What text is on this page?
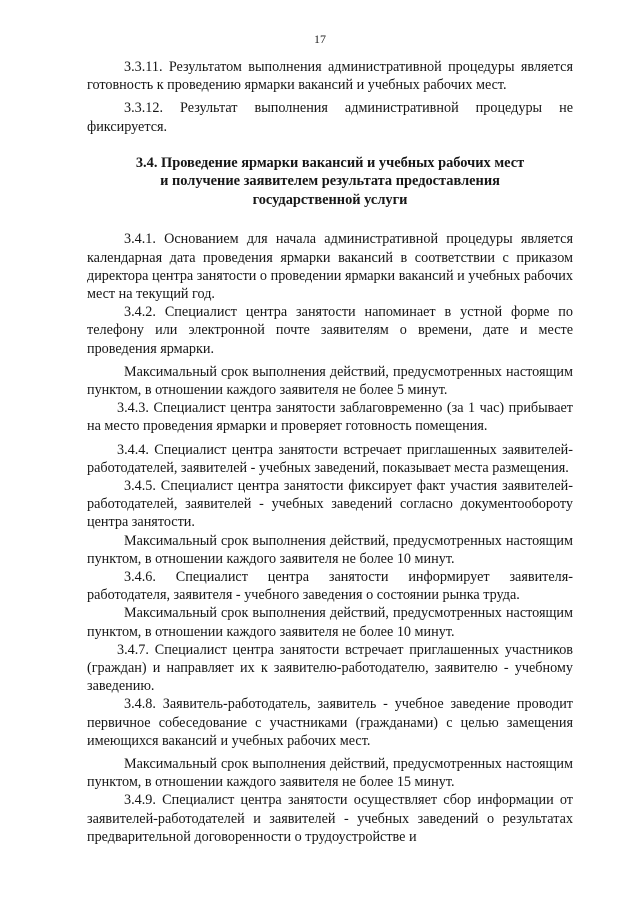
17

3.3.11. Результатом выполнения административной процедуры является готовность к проведению ярмарки вакансий и учебных рабочих мест.

3.3.12. Результат выполнения административной процедуры не фиксируется.

3.4. Проведение ярмарки вакансий и учебных рабочих мест
и получение заявителем результата предоставления
государственной услуги

3.4.1. Основанием для начала административной процедуры является календарная дата проведения ярмарки вакансий в соответствии с приказом директора центра занятости о проведении ярмарки вакансий и учебных рабочих мест на текущий год.

3.4.2. Специалист центра занятости напоминает в устной форме по телефону или электронной почте заявителям о времени, дате и месте проведения ярмарки.

Максимальный срок выполнения действий, предусмотренных настоящим пунктом, в отношении каждого заявителя не более 5 минут.

3.4.3. Специалист центра занятости заблаговременно (за 1 час) прибывает на место проведения ярмарки и проверяет готовность помещения.

3.4.4. Специалист центра занятости встречает приглашенных заявителей-работодателей, заявителей - учебных заведений, показывает места размещения.

3.4.5. Специалист центра занятости фиксирует факт участия заявителей-работодателей, заявителей - учебных заведений согласно документообороту центра занятости.

Максимальный срок выполнения действий, предусмотренных настоящим пунктом, в отношении каждого заявителя не более 10 минут.

3.4.6. Специалист центра занятости информирует заявителя-работодателя, заявителя - учебного заведения о состоянии рынка труда.

Максимальный срок выполнения действий, предусмотренных настоящим пунктом, в отношении каждого заявителя не более 10 минут.

3.4.7. Специалист центра занятости встречает приглашенных участников (граждан) и направляет их к заявителю-работодателю, заявителю - учебному заведению.

3.4.8. Заявитель-работодатель, заявитель - учебное заведение проводит первичное собеседование с участниками (гражданами) с целью замещения имеющихся вакансий и учебных рабочих мест.

Максимальный срок выполнения действий, предусмотренных настоящим пунктом, в отношении каждого заявителя не более 15 минут.

3.4.9. Специалист центра занятости осуществляет сбор информации от заявителей-работодателей и заявителей - учебных заведений о результатах предварительной договоренности о трудоустройстве и
